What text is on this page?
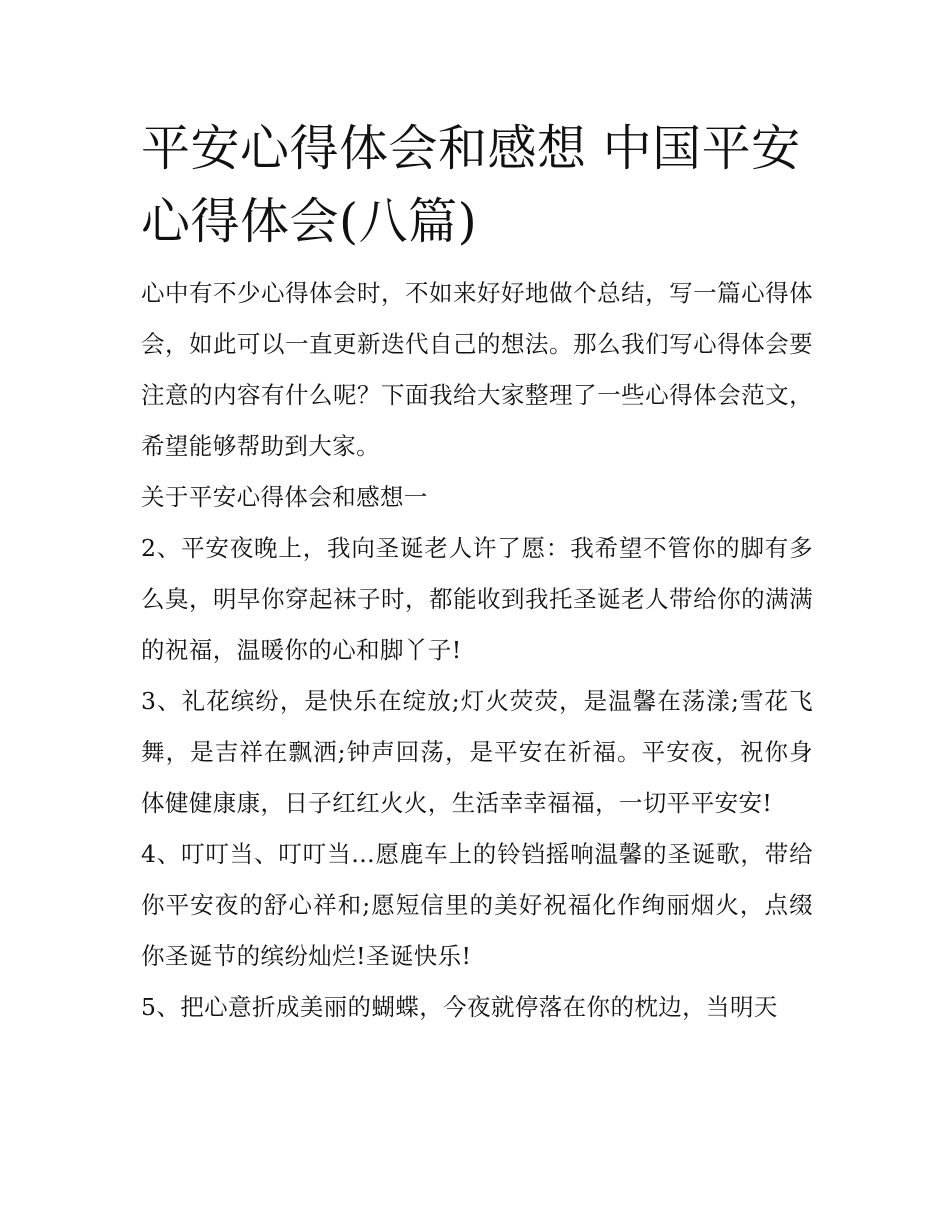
平安心得体会和感想 中国平安心得体会(八篇)

心中有不少心得体会时，不如来好好地做个总结，写一篇心得体会，如此可以一直更新迭代自己的想法。那么我们写心得体会要注意的内容有什么呢？下面我给大家整理了一些心得体会范文，希望能够帮助到大家。

关于平安心得体会和感想一

2、平安夜晚上，我向圣诞老人许了愿：我希望不管你的脚有多么臭，明早你穿起袜子时，都能收到我托圣诞老人带给你的满满的祝福，温暖你的心和脚丫子!

3、礼花缤纷，是快乐在绽放;灯火荧荧，是温馨在荡漾;雪花飞舞，是吉祥在飘洒;钟声回荡，是平安在祈福。平安夜，祝你身体健健康康，日子红红火火，生活幸幸福福，一切平平安安!

4、叮叮当、叮叮当...愿鹿车上的铃铛摇响温馨的圣诞歌，带给你平安夜的舒心祥和;愿短信里的美好祝福化作绚丽烟火，点缀你圣诞节的缤纷灿烂!圣诞快乐!

5、把心意折成美丽的蝴蝶，今夜就停落在你的枕边，当明天
